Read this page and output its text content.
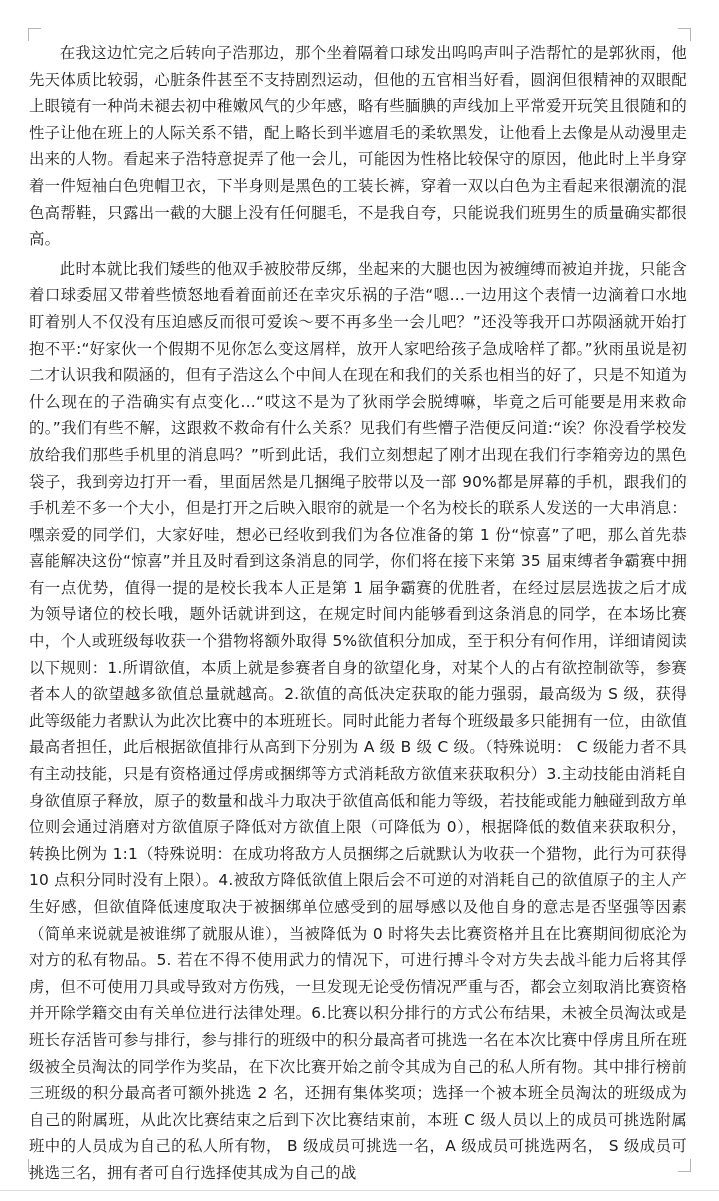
在我这边忙完之后转向子浩那边，那个坐着隔着口球发出呜呜声叫子浩帮忙的是郭狄雨，他先天体质比较弱，心脏条件甚至不支持剧烈运动，但他的五官相当好看，圆润但很精神的双眼配上眼镜有一种尚未褪去初中稚嫩风气的少年感，略有些腼腆的声线加上平常爱开玩笑且很随和的性子让他在班上的人际关系不错，配上略长到半遮眉毛的柔软黑发，让他看上去像是从动漫里走出来的人物。看起来子浩特意捉弄了他一会儿，可能因为性格比较保守的原因，他此时上半身穿着一件短袖白色兜帽卫衣，下半身则是黑色的工装长裤，穿着一双以白色为主看起来很潮流的混色高帮鞋，只露出一截的大腿上没有任何腿毛，不是我自夸，只能说我们班男生的质量确实都很高。

此时本就比我们矮些的他双手被胶带反绑，坐起来的大腿也因为被缠缚而被迫并拢，只能含着口球委屈又带着些愤怒地看着面前还在幸灾乐祸的子浩“嗯…一边用这个表情一边滴着口水地盯着别人不仅没有压迫感反而很可爱诶～要不再多坐一会儿吧？”还没等我开口苏陨涵就开始打抱不平:“好家伙一个假期不见你怎么变这屑样，放开人家吧给孩子急成啥样了都。”狄雨虽说是初二才认识我和陨涵的，但有子浩这么个中间人在现在和我们的关系也相当的好了，只是不知道为什么现在的子浩确实有点变化…“哎这不是为了狄雨学会脱缚嘛，毕竟之后可能要是用来救命的。”我们有些不解，这跟救不救命有什么关系？见我们有些懵子浩便反问道:“诶？你没看学校发放给我们那些手机里的消息吗？”听到此话，我们立刻想起了刚才出现在我们行李箱旁边的黑色袋子，我到旁边打开一看，里面居然是几捆绳子胶带以及一部 90%都是屏幕的手机，跟我们的手机差不多一个大小，但是打开之后映入眼帘的就是一个名为校长的联系人发送的一大串消息：嘿亲爱的同学们，大家好哇，想必已经收到我们为各位准备的第 1 份“惊喜”了吧，那么首先恭喜能解决这份“惊喜”并且及时看到这条消息的同学，你们将在接下来第 35 届束缚者争霸赛中拥有一点优势，值得一提的是校长我本人正是第 1 届争霸赛的优胜者，在经过层层选拔之后才成为领导诸位的校长哦，题外话就讲到这，在规定时间内能够看到这条消息的同学，在本场比赛中，个人或班级每收获一个猎物将额外取得 5%欲值积分加成，至于积分有何作用，详细请阅读以下规则：1.所谓欲值，本质上就是参赛者自身的欲望化身，对某个人的占有欲控制欲等，参赛者本人的欲望越多欲值总量就越高。2.欲值的高低决定获取的能力强弱，最高级为 S 级，获得此等级能力者默认为此次比赛中的本班班长。同时此能力者每个班级最多只能拥有一位，由欲值最高者担任，此后根据欲值排行从高到下分别为 A 级 B 级 C 级。（特殊说明： C 级能力者不具有主动技能，只是有资格通过俘虏或捆绑等方式消耗敌方欲值来获取积分）3.主动技能由消耗自身欲值原子释放，原子的数量和战斗力取决于欲值高低和能力等级，若技能或能力触碰到敌方单位则会通过消磨对方欲值原子降低对方欲值上限（可降低为 0），根据降低的数值来获取积分，转换比例为 1:1（特殊说明：在成功将敌方人员捆绑之后就默认为收获一个猎物，此行为可获得 10 点积分同时没有上限）。4.被敌方降低欲值上限后会不可逆的对消耗自己的欲值原子的主人产生好感，但欲值降低速度取决于被捆绑单位感受到的屈辱感以及他自身的意志是否坚强等因素（简单来说就是被谁绑了就服从谁），当被降低为 0 时将失去比赛资格并且在比赛期间彻底沦为对方的私有物品。5. 若在不得不使用武力的情况下，可进行搏斗令对方失去战斗能力后将其俘虏，但不可使用刀具或导致对方伤残，一旦发现无论受伤情况严重与否，都会立刻取消比赛资格并开除学籍交由有关单位进行法律处理。6.比赛以积分排行的方式公布结果，未被全员淘汰或是班长存活皆可参与排行，参与排行的班级中的积分最高者可挑选一名在本次比赛中俘虏且所在班级被全员淘汰的同学作为奖品，在下次比赛开始之前令其成为自己的私人所有物。其中排行榜前三班级的积分最高者可额外挑选 2 名，还拥有集体奖项；选择一个被本班全员淘汰的班级成为自己的附属班，从此次比赛结束之后到下次比赛结束前，本班 C 级人员以上的成员可挑选附属班中的人员成为自己的私人所有物， B 级成员可挑选一名，A 级成员可挑选两名， S 级成员可挑选三名，拥有者可自行选择使其成为自己的战
